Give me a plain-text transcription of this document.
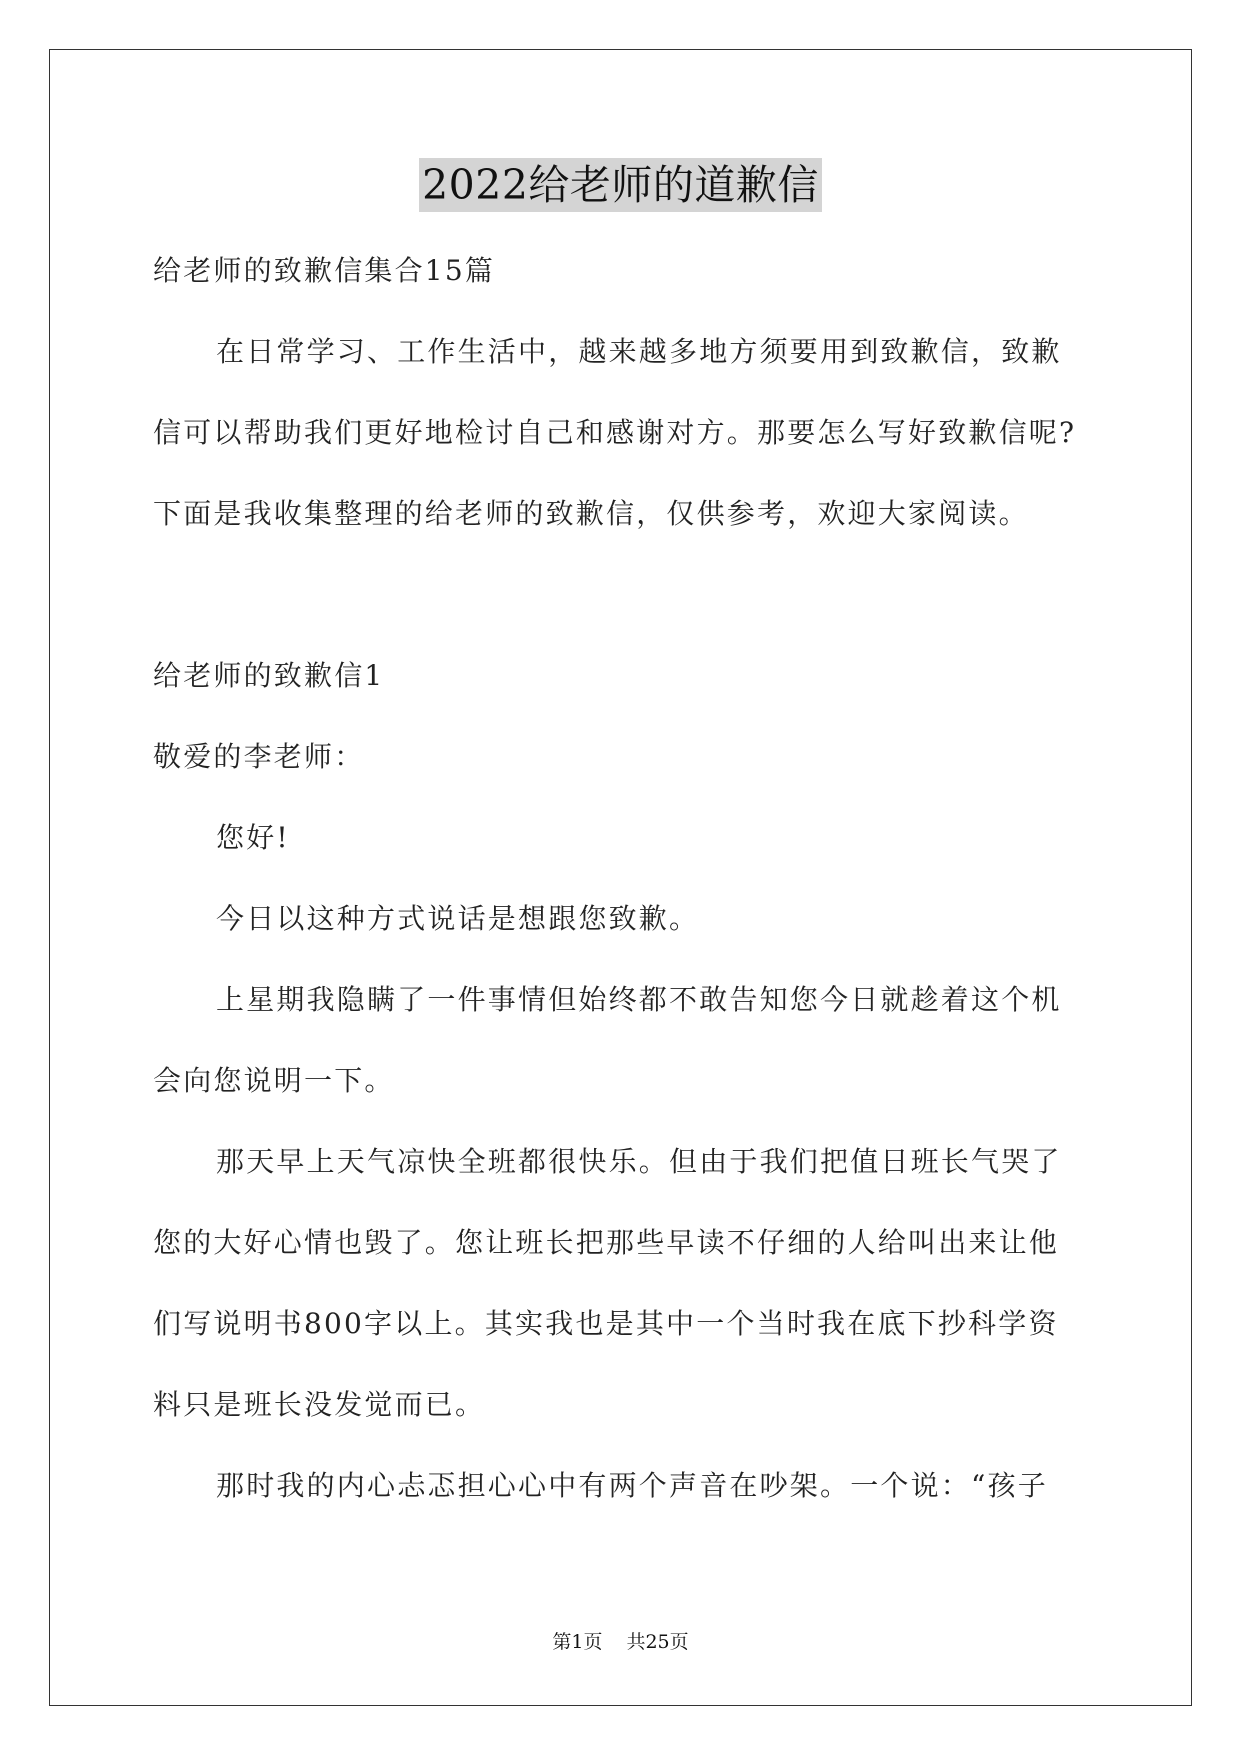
2022给老师的道歉信
给老师的致歉信集合15篇
在日常学习、工作生活中，越来越多地方须要用到致歉信，致歉
信可以帮助我们更好地检讨自己和感谢对方。那要怎么写好致歉信呢?
下面是我收集整理的给老师的致歉信，仅供参考，欢迎大家阅读。
给老师的致歉信1
敬爱的李老师：
您好!
今日以这种方式说话是想跟您致歉。
上星期我隐瞒了一件事情但始终都不敢告知您今日就趁着这个机
会向您说明一下。
那天早上天气凉快全班都很快乐。但由于我们把值日班长气哭了
您的大好心情也毁了。您让班长把那些早读不仔细的人给叫出来让他
们写说明书800字以上。其实我也是其中一个当时我在底下抄科学资
料只是班长没发觉而已。
那时我的内心忐忑担心心中有两个声音在吵架。一个说：“孩子
第1页 共25页
